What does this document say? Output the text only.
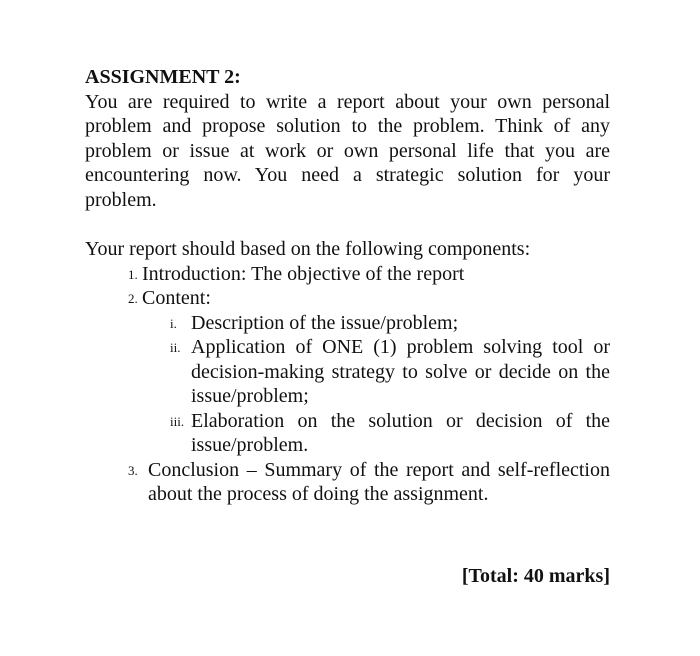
ASSIGNMENT 2:

You are required to write a report about your own personal problem and propose solution to the problem. Think of any problem or issue at work or own personal life that you are encountering now. You need a strategic solution for your problem.

Your report should based on the following components:

1. Introduction: The objective of the report
2. Content:
i. Description of the issue/problem;
ii. Application of ONE (1) problem solving tool or decision-making strategy to solve or decide on the issue/problem;
iii. Elaboration on the solution or decision of the issue/problem.
3. Conclusion – Summary of the report and self-reflection about the process of doing the assignment.
[Total: 40 marks]
